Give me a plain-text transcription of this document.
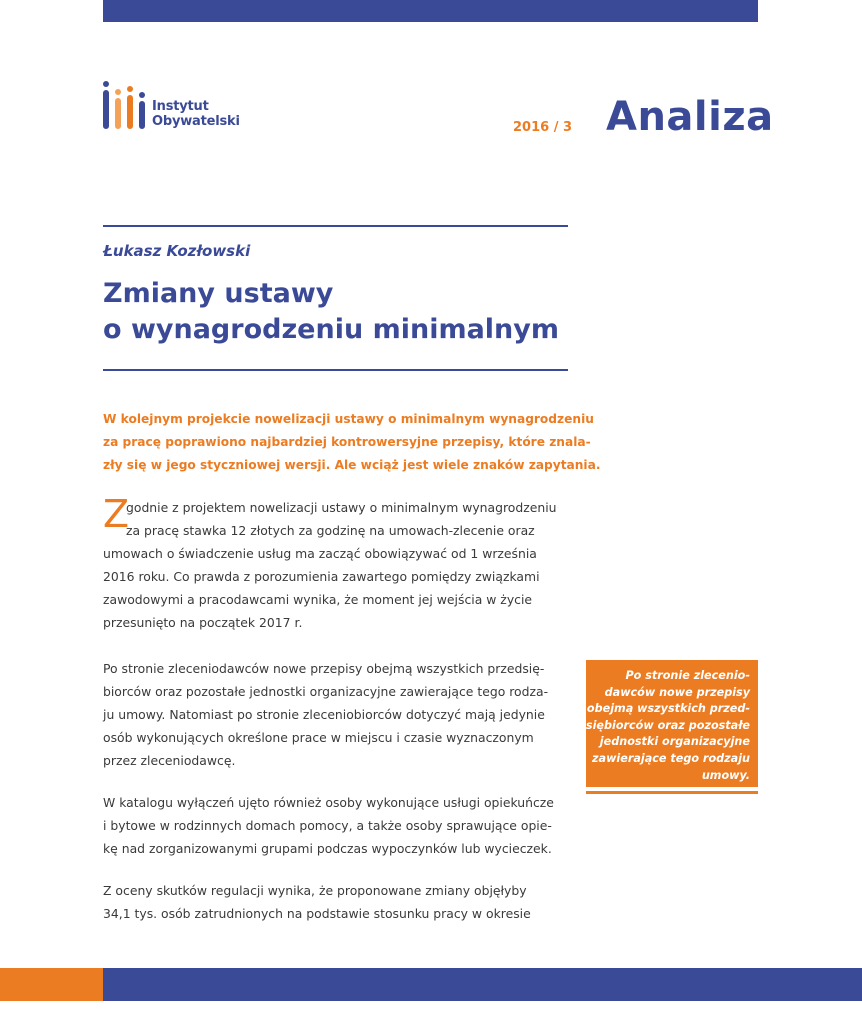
Instytut
Obywatelski	2016 / 3 Analiza
Łukasz Kozłowski
Zmiany ustawy
o wynagrodzeniu minimalnym
W kolejnym projekcie nowelizacji ustawy o minimalnym wynagrodzeniu
za pracę poprawiono najbardziej kontrowersyjne przepisy, które znala-
zły się w jego styczniowej wersji. Ale wciąż jest wiele znaków zapytania.
Z
godnie z projektem nowelizacji ustawy o minimalnym wynagrodzeniu
za pracę stawka 12 złotych za godzinę na umowach-zlecenie oraz
umowach o świadczenie usług ma zacząć obowiązywać od 1 września
2016 roku. Co prawda z porozumienia zawartego pomiędzy związkami
zawodowymi a pracodawcami wynika, że moment jej wejścia w życie
przesunięto na początek 2017 r.
Po stronie zleceniodawców nowe przepisy obejmą wszystkich przedsię-
biorców oraz pozostałe jednostki organizacyjne zawierające tego rodza-
ju umowy. Natomiast po stronie zleceniobiorców dotyczyć mają jedynie
osób wykonujących określone prace w miejscu i czasie wyznaczonym
przez zleceniodawcę.
Po stronie zlecenio-
dawców nowe przepisy
obejmą wszystkich przed-
siębiorców oraz pozostałe
jednostki organizacyjne
zawierające tego rodzaju
umowy.
W katalogu wyłączeń ujęto również osoby wykonujące usługi opiekuńcze
i bytowe w rodzinnych domach pomocy, a także osoby sprawujące opie-
kę nad zorganizowanymi grupami podczas wypoczynków lub wycieczek.
Z oceny skutków regulacji wynika, że proponowane zmiany objęłyby
34,1 tys. osób zatrudnionych na podstawie stosunku pracy w okresie
